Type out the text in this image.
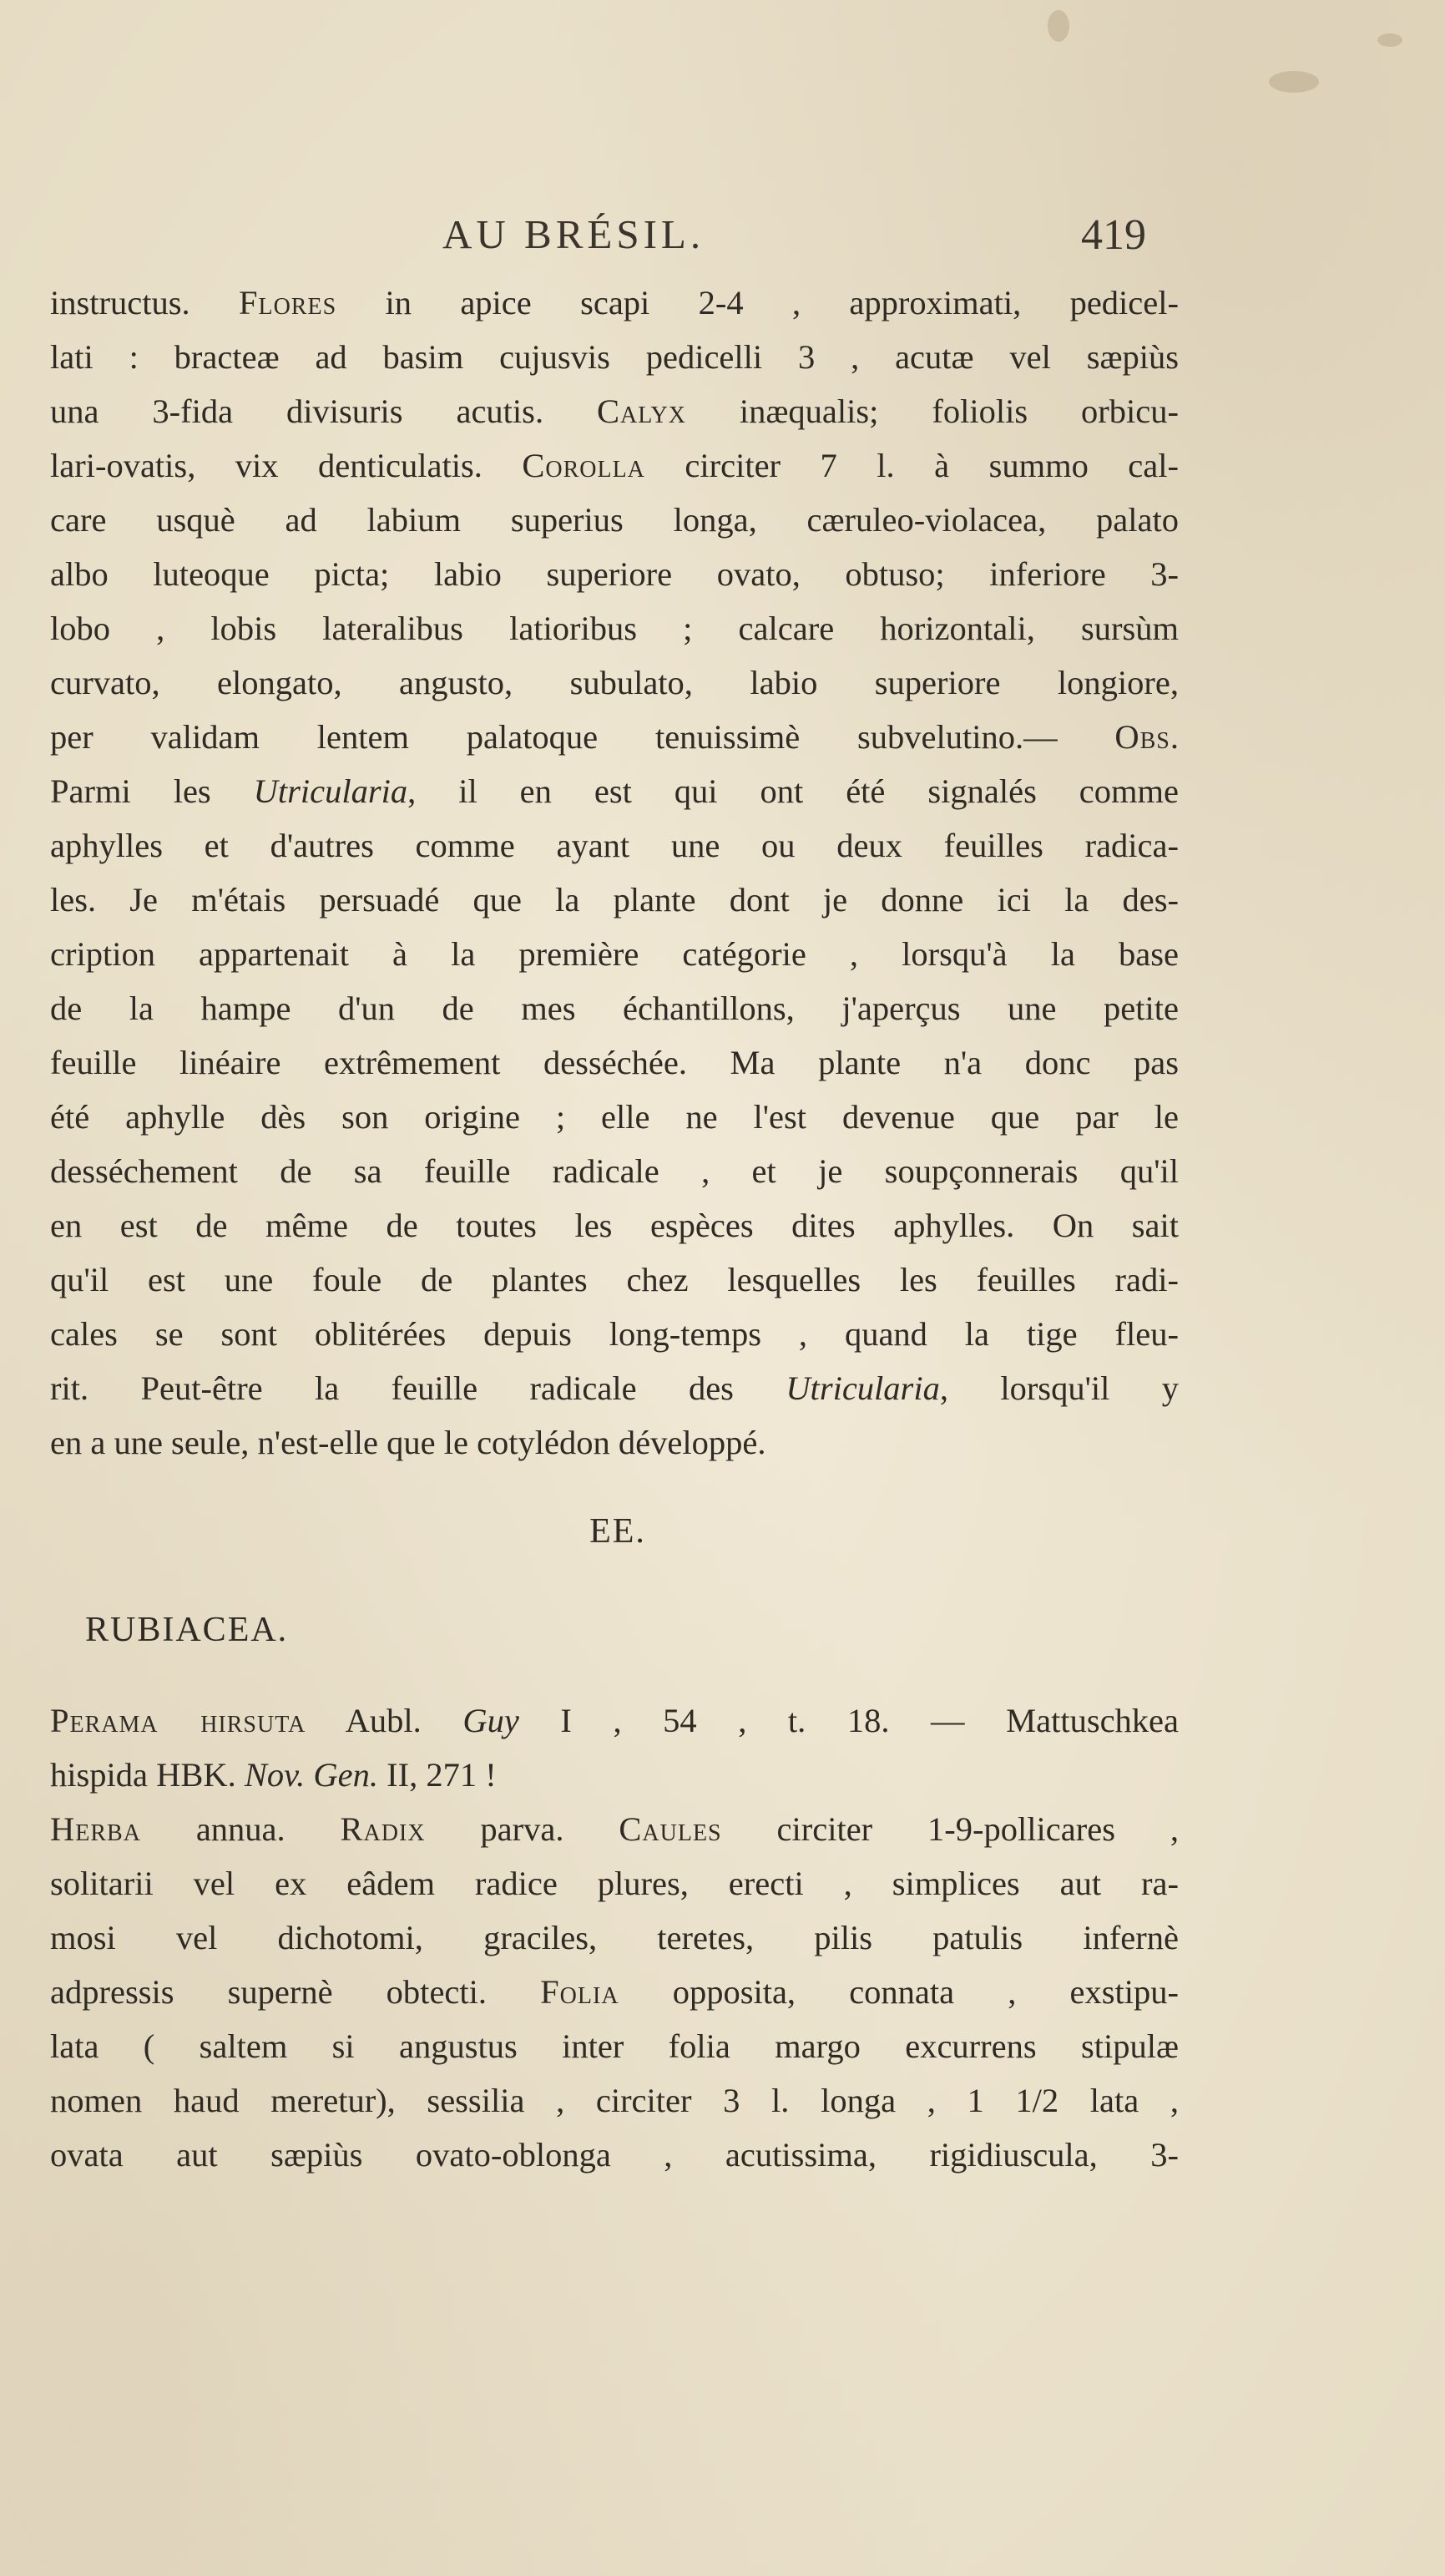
AU BRÉSIL.	419
instructus. Flores in apice scapi 2-4 , approximati, pedicel-
lati : bracteæ ad basim cujusvis pedicelli 3 , acutæ vel sæpiùs
una 3-fida divisuris acutis. Calyx inæqualis; foliolis orbicu-
lari-ovatis, vix denticulatis. Corolla circiter 7 l. à summo cal-
care usquè ad labium superius longa, cæruleo-violacea, palato
albo luteoque picta; labio superiore ovato, obtuso; inferiore 3-
lobo , lobis lateralibus latioribus ; calcare horizontali, sursùm
curvato, elongato, angusto, subulato, labio superiore longiore,
per validam lentem palatoque tenuissimè subvelutino.— Obs.
Parmi les Utricularia, il en est qui ont été signalés comme
aphylles et d'autres comme ayant une ou deux feuilles radica-
les. Je m'étais persuadé que la plante dont je donne ici la des-
cription appartenait à la première catégorie , lorsqu'à la base
de la hampe d'un de mes échantillons, j'aperçus une petite
feuille linéaire extrêmement desséchée. Ma plante n'a donc pas
été aphylle dès son origine ; elle ne l'est devenue que par le
desséchement de sa feuille radicale , et je soupçonnerais qu'il
en est de même de toutes les espèces dites aphylles. On sait
qu'il est une foule de plantes chez lesquelles les feuilles radi-
cales se sont oblitérées depuis long-temps , quand la tige fleu-
rit. Peut-être la feuille radicale des Utricularia, lorsqu'il y
en a une seule, n'est-elle que le cotylédon développé.
EE.
RUBIACEA.
Perama hirsuta Aubl. Guy I , 54 , t. 18. — Mattuschkea
hispida HBK. Nov. Gen. II, 271 !
Herba annua. Radix parva. Caules circiter 1-9-pollicares ,
solitarii vel ex eâdem radice plures, erecti , simplices aut ra-
mosi vel dichotomi, graciles, teretes, pilis patulis infernè
adpressis supernè obtecti. Folia opposita, connata , exstipu-
lata ( saltem si angustus inter folia margo excurrens stipulæ
nomen haud meretur), sessilia , circiter 3 l. longa , 1 1/2 lata ,
ovata aut sæpiùs ovato-oblonga , acutissima, rigidiuscula, 3-
